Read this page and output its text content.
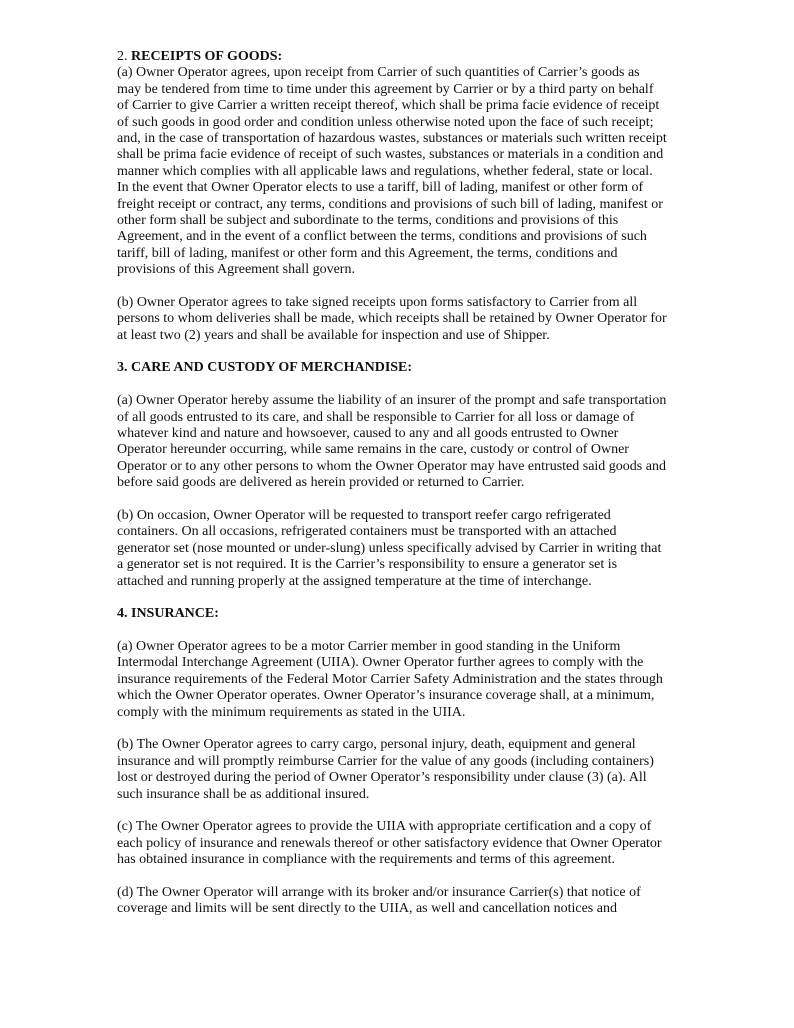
2. RECEIPTS OF GOODS:
(a) Owner Operator agrees, upon receipt from Carrier of such quantities of Carrier’s goods as
may be tendered from time to time under this agreement by Carrier or by a third party on behalf
of Carrier to give Carrier a written receipt thereof, which shall be prima facie evidence of receipt
of such goods in good order and condition unless otherwise noted upon the face of such receipt;
and, in the case of transportation of hazardous wastes, substances or materials such written receipt
shall be prima facie evidence of receipt of such wastes, substances or materials in a condition and
manner which complies with all applicable laws and regulations, whether federal, state or local.
In the event that Owner Operator elects to use a tariff, bill of lading, manifest or other form of
freight receipt or contract, any terms, conditions and provisions of such bill of lading, manifest or
other form shall be subject and subordinate to the terms, conditions and provisions of this
Agreement, and in the event of a conflict between the terms, conditions and provisions of such
tariff, bill of lading, manifest or other form and this Agreement, the terms, conditions and
provisions of this Agreement shall govern.
(b) Owner Operator agrees to take signed receipts upon forms satisfactory to Carrier from all
persons to whom deliveries shall be made, which receipts shall be retained by Owner Operator for
at least two (2) years and shall be available for inspection and use of Shipper.
3. CARE AND CUSTODY OF MERCHANDISE:
(a) Owner Operator hereby assume the liability of an insurer of the prompt and safe transportation
of all goods entrusted to its care, and shall be responsible to Carrier for all loss or damage of
whatever kind and nature and howsoever, caused to any and all goods entrusted to Owner
Operator hereunder occurring, while same remains in the care, custody or control of Owner
Operator or to any other persons to whom the Owner Operator may have entrusted said goods and
before said goods are delivered as herein provided or returned to Carrier.
(b) On occasion, Owner Operator will be requested to transport reefer cargo refrigerated
containers. On all occasions, refrigerated containers must be transported with an attached
generator set (nose mounted or under-slung) unless specifically advised by Carrier in writing that
a generator set is not required. It is the Carrier’s responsibility to ensure a generator set is
attached and running properly at the assigned temperature at the time of interchange.
4. INSURANCE:
(a) Owner Operator agrees to be a motor Carrier member in good standing in the Uniform
Intermodal Interchange Agreement (UIIA). Owner Operator further agrees to comply with the
insurance requirements of the Federal Motor Carrier Safety Administration and the states through
which the Owner Operator operates. Owner Operator’s insurance coverage shall, at a minimum,
comply with the minimum requirements as stated in the UIIA.
(b) The Owner Operator agrees to carry cargo, personal injury, death, equipment and general
insurance and will promptly reimburse Carrier for the value of any goods (including containers)
lost or destroyed during the period of Owner Operator’s responsibility under clause (3) (a). All
such insurance shall be as additional insured.
(c) The Owner Operator agrees to provide the UIIA with appropriate certification and a copy of
each policy of insurance and renewals thereof or other satisfactory evidence that Owner Operator
has obtained insurance in compliance with the requirements and terms of this agreement.
(d) The Owner Operator will arrange with its broker and/or insurance Carrier(s) that notice of
coverage and limits will be sent directly to the UIIA, as well and cancellation notices and
